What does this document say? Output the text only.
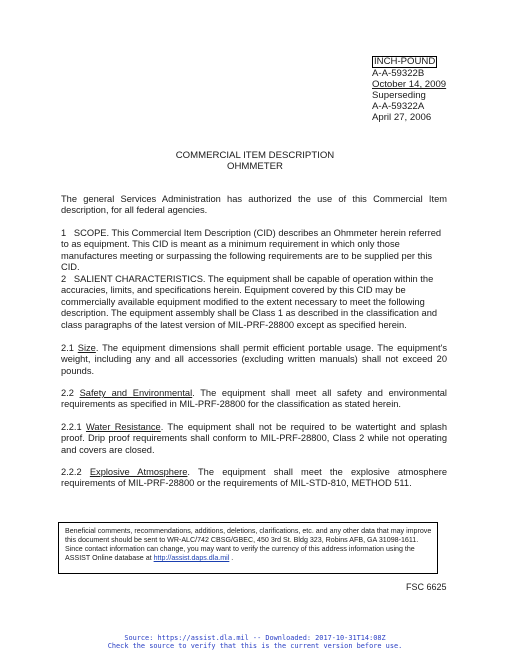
INCH-POUND
A-A-59322B
October 14, 2009
Superseding
A-A-59322A
April 27, 2006
COMMERCIAL ITEM DESCRIPTION
OHMMETER

The general Services Administration has authorized the use of this Commercial Item description, for all federal agencies.

1   SCOPE. This Commercial Item Description (CID) describes an Ohmmeter herein referred to as equipment. This CID is meant as a minimum requirement in which only those manufactures meeting or surpassing the following requirements are to be supplied per this CID.

2   SALIENT CHARACTERISTICS. The equipment shall be capable of operation within the accuracies, limits, and specifications herein. Equipment covered by this CID may be commercially available equipment modified to the extent necessary to meet the following description. The equipment assembly shall be Class 1 as described in the classification and class paragraphs of the latest version of MIL-PRF-28800 except as specified herein.

2.1 Size. The equipment dimensions shall permit efficient portable usage. The equipment's weight, including any and all accessories (excluding written manuals) shall not exceed 20 pounds.

2.2 Safety and Environmental. The equipment shall meet all safety and environmental requirements as specified in MIL-PRF-28800 for the classification as stated herein.

2.2.1 Water Resistance. The equipment shall not be required to be watertight and splash proof. Drip proof requirements shall conform to MIL-PRF-28800, Class 2 while not operating and covers are closed.

2.2.2 Explosive Atmosphere. The equipment shall meet the explosive atmosphere requirements of MIL-PRF-28800 or the requirements of MIL-STD-810, METHOD 511.

Beneficial comments, recommendations, additions, deletions, clarifications, etc. and any other data that may improve this document should be sent to WR-ALC/742 CBSG/GBEC, 450 3rd St. Bldg 323, Robins AFB, GA 31098-1611. Since contact information can change, you may want to verify the currency of this address information using the ASSIST Online database at http://assist.daps.dla.mil .
FSC 6625
Source: https://assist.dla.mil -- Downloaded: 2017-10-31T14:08Z
Check the source to verify that this is the current version before use.
